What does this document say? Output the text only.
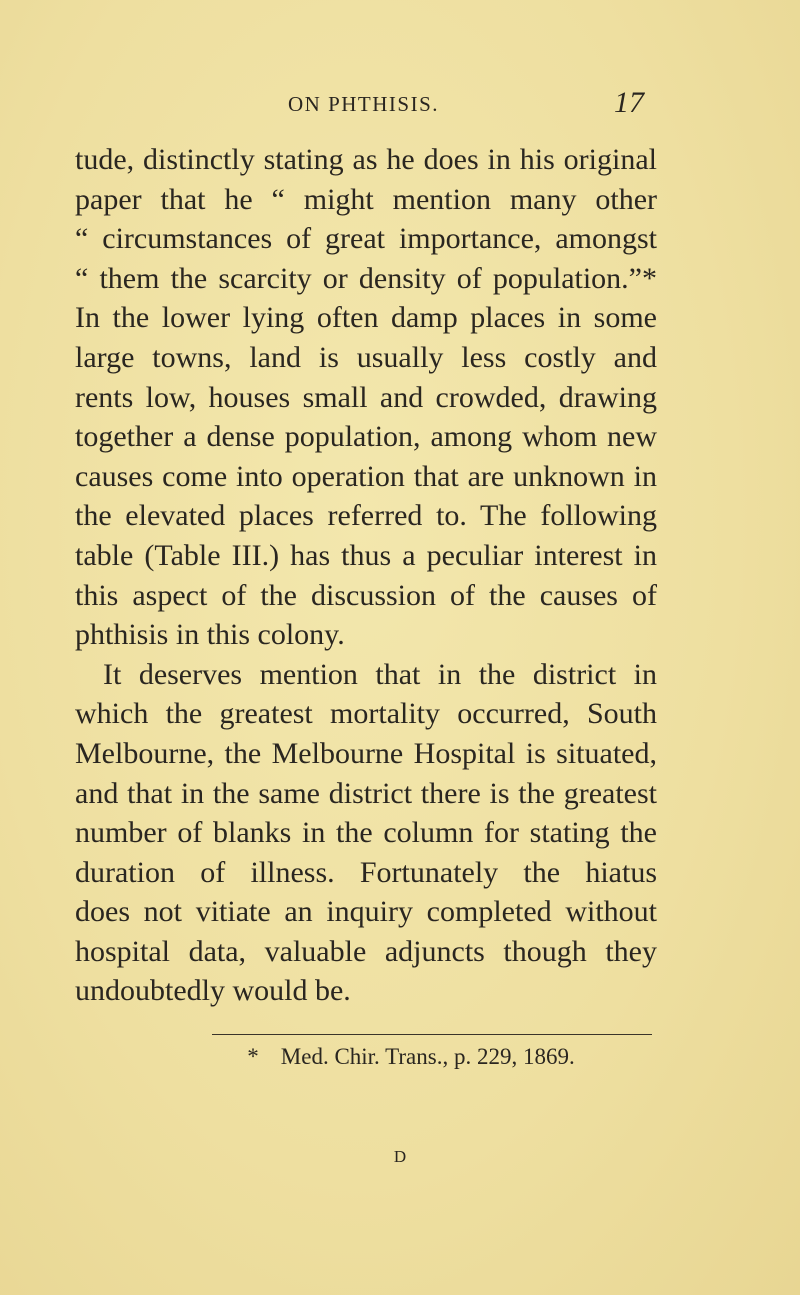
ON PHTHISIS.	17
tude, distinctly stating as he does in his original
paper that he “ might mention many other
“ circumstances of great importance, amongst
“ them the scarcity or density of population.”*
In the lower lying often damp places in some
large towns, land is usually less costly and
rents low, houses small and crowded, drawing
together a dense population, among whom new
causes come into operation that are unknown in
the elevated places referred to. The following
table (Table III.) has thus a peculiar interest in
this aspect of the discussion of the causes of
phthisis in this colony.
It deserves mention that in the district in
which the greatest mortality occurred, South
Melbourne, the Melbourne Hospital is situated,
and that in the same district there is the greatest
number of blanks in the column for stating the
duration of illness. Fortunately the hiatus
does not vitiate an inquiry completed without
hospital data, valuable adjuncts though they
undoubtedly would be.
* Med. Chir. Trans., p. 229, 1869.
D
